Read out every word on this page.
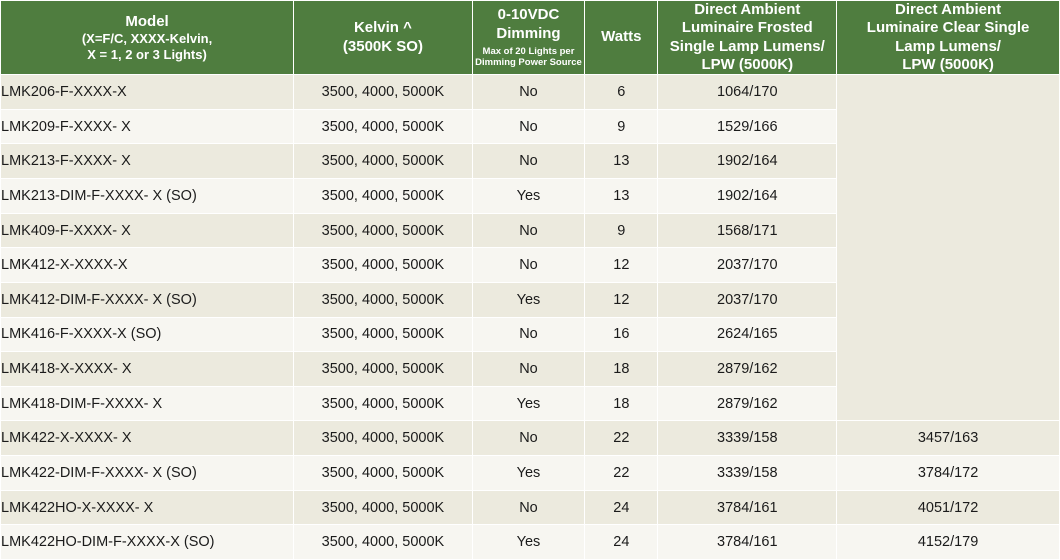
Model
(X=F/C, XXXX-Kelvin,
X = 1, 2 or 3 Lights)	Kelvin ^
(3500K SO)	0-10VDC
Dimming
Max of 20 Lights per Dimming Power Source	Watts	Direct Ambient
Luminaire Frosted
Single Lamp Lumens/
LPW (5000K)	Direct Ambient
Luminaire Clear Single
Lamp Lumens/
LPW (5000K)

LMK206-F-XXXX-X	3500, 4000, 5000K	No	6	1064/170	
LMK209-F-XXXX- X	3500, 4000, 5000K	No	9	1529/166	
LMK213-F-XXXX- X	3500, 4000, 5000K	No	13	1902/164	
LMK213-DIM-F-XXXX- X (SO)	3500, 4000, 5000K	Yes	13	1902/164	
LMK409-F-XXXX- X	3500, 4000, 5000K	No	9	1568/171	
LMK412-X-XXXX-X	3500, 4000, 5000K	No	12	2037/170	
LMK412-DIM-F-XXXX- X (SO)	3500, 4000, 5000K	Yes	12	2037/170	
LMK416-F-XXXX-X (SO)	3500, 4000, 5000K	No	16	2624/165	
LMK418-X-XXXX- X	3500, 4000, 5000K	No	18	2879/162	
LMK418-DIM-F-XXXX- X	3500, 4000, 5000K	Yes	18	2879/162	
LMK422-X-XXXX- X	3500, 4000, 5000K	No	22	3339/158	3457/163
LMK422-DIM-F-XXXX- X (SO)	3500, 4000, 5000K	Yes	22	3339/158	3784/172
LMK422HO-X-XXXX- X	3500, 4000, 5000K	No	24	3784/161	4051/172
LMK422HO-DIM-F-XXXX-X (SO)	3500, 4000, 5000K	Yes	24	3784/161	4152/179
